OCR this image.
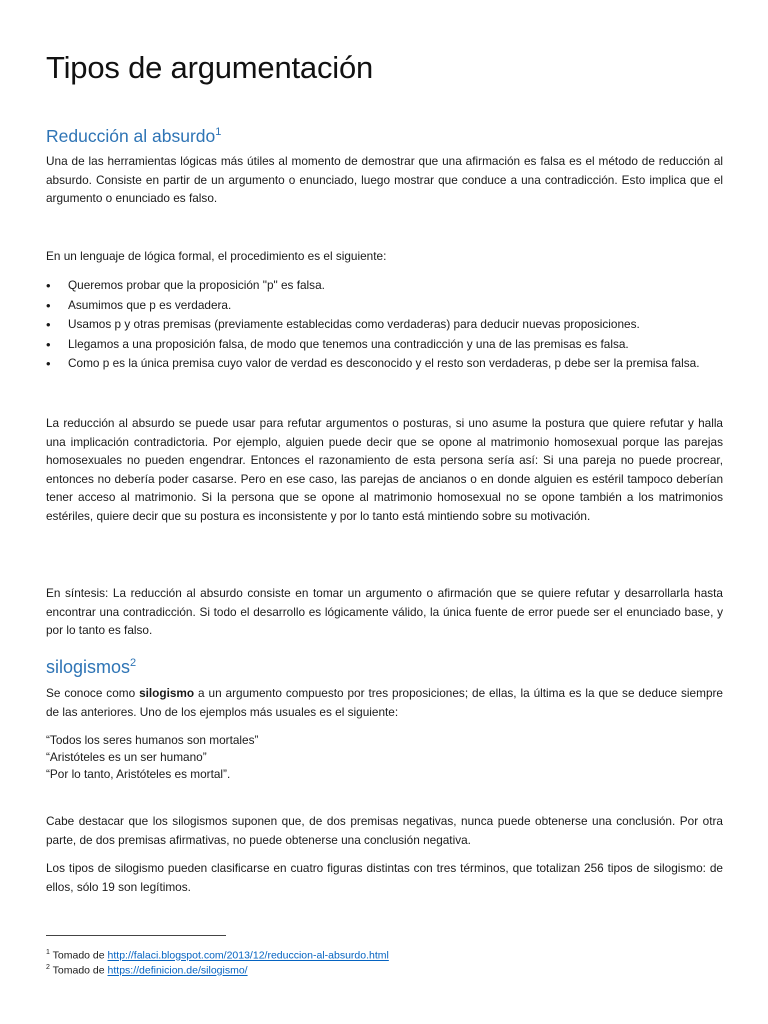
Tipos de argumentación
Reducción al absurdo$^1$

Una de las herramientas lógicas más útiles al momento de demostrar que una afirmación es falsa es el método de reducción al absurdo. Consiste en partir de un argumento o enunciado, luego mostrar que conduce a una contradicción. Esto implica que el argumento o enunciado es falso.

En un lenguaje de lógica formal, el procedimiento es el siguiente:

• Queremos probar que la proposición "p" es falsa.
• Asumimos que p es verdadera.
• Usamos p y otras premisas (previamente establecidas como verdaderas) para deducir nuevas proposiciones.
• Llegamos a una proposición falsa, de modo que tenemos una contradicción y una de las premisas es falsa.
• Como p es la única premisa cuyo valor de verdad es desconocido y el resto son verdaderas, p debe ser la premisa falsa.

La reducción al absurdo se puede usar para refutar argumentos o posturas, si uno asume la postura que quiere refutar y halla una implicación contradictoria. Por ejemplo, alguien puede decir que se opone al matrimonio homosexual porque las parejas homosexuales no pueden engendrar. Entonces el razonamiento de esta persona sería así: Si una pareja no puede procrear, entonces no debería poder casarse. Pero en ese caso, las parejas de ancianos o en donde alguien es estéril tampoco deberían tener acceso al matrimonio. Si la persona que se opone al matrimonio homosexual no se opone también a los matrimonios estériles, quiere decir que su postura es inconsistente y por lo tanto está mintiendo sobre su motivación.

En síntesis: La reducción al absurdo consiste en tomar un argumento o afirmación que se quiere refutar y desarrollarla hasta encontrar una contradicción. Si todo el desarrollo es lógicamente válido, la única fuente de error puede ser el enunciado base, y por lo tanto es falso.

silogismos$^2$

Se conoce como silogismo a un argumento compuesto por tres proposiciones; de ellas, la última es la que se deduce siempre de las anteriores. Uno de los ejemplos más usuales es el siguiente:

“Todos los seres humanos son mortales”
“Aristóteles es un ser humano”
“Por lo tanto, Aristóteles es mortal”.

Cabe destacar que los silogismos suponen que, de dos premisas negativas, nunca puede obtenerse una conclusión. Por otra parte, de dos premisas afirmativas, no puede obtenerse una conclusión negativa.

Los tipos de silogismo pueden clasificarse en cuatro figuras distintas con tres términos, que totalizan 256 tipos de silogismo: de ellos, sólo 19 son legítimos.

$^1$ Tomado de http://falaci.blogspot.com/2013/12/reduccion-al-absurdo.html
$^2$ Tomado de https://definicion.de/silogismo/
